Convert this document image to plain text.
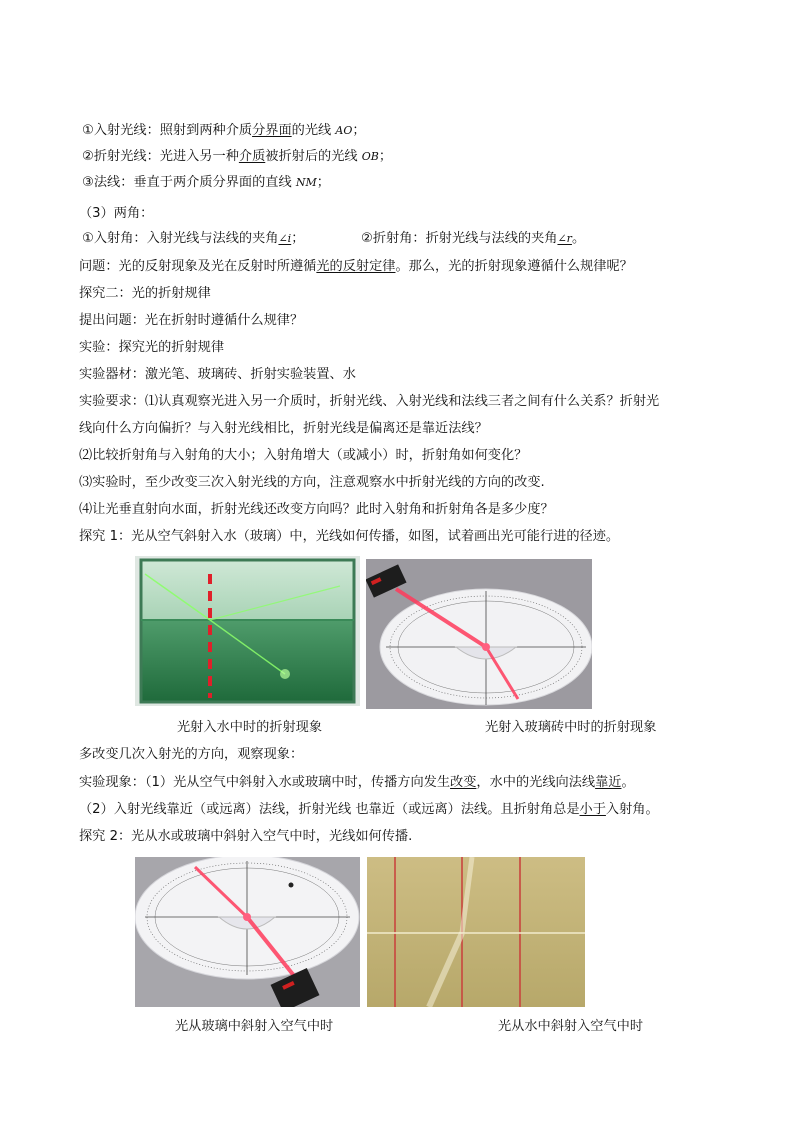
①入射光线：照射到两种介质分界面的光线 AO；
②折射光线：光进入另一种介质被折射后的光线 OB；
③法线：垂直于两介质分界面的直线 NM；
（3）两角：
①入射角：入射光线与法线的夹角∠i；	②折射角：折射光线与法线的夹角∠r。
问题：光的反射现象及光在反射时所遵循光的反射定律。那么，光的折射现象遵循什么规律呢？
探究二：光的折射规律
提出问题：光在折射时遵循什么规律？
实验：探究光的折射规律
实验器材：激光笔、玻璃砖、折射实验装置、水
实验要求：⑴认真观察光进入另一介质时，折射光线、入射光线和法线三者之间有什么关系？折射光
线向什么方向偏折？与入射光线相比，折射光线是偏离还是靠近法线？
⑵比较折射角与入射角的大小；入射角增大（或减小）时，折射角如何变化？
⑶实验时，至少改变三次入射光线的方向，注意观察水中折射光线的方向的改变.
⑷让光垂直射向水面，折射光线还改变方向吗？此时入射角和折射角各是多少度？
探究 1：光从空气斜射入水（玻璃）中，光线如何传播，如图，试着画出光可能行进的径迹。
光射入水中时的折射现象	光射入玻璃砖中时的折射现象
多改变几次入射光的方向，观察现象：
实验现象：（1）光从空气中斜射入水或玻璃中时，传播方向发生改变，水中的光线向法线靠近。
（2）入射光线靠近（或远离）法线，折射光线 也靠近（或远离）法线。且折射角总是小于入射角。
探究 2：光从水或玻璃中斜射入空气中时，光线如何传播.
光从玻璃中斜射入空气中时	光从水中斜射入空气中时
